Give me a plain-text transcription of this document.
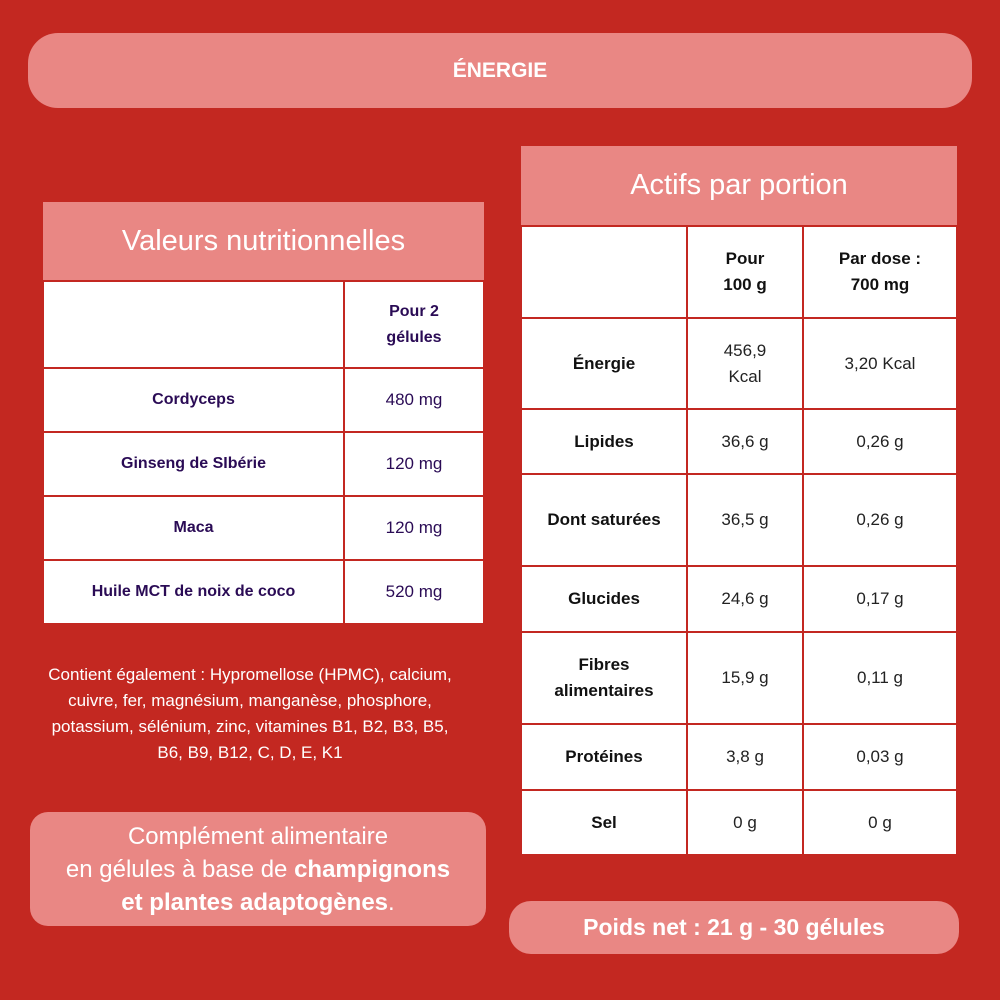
ÉNERGIE
Valeurs nutritionnelles
	Pour 2 gélules
Cordyceps	480 mg
Ginseng de SIbérie	120 mg
Maca	120 mg
Huile MCT de noix de coco	520 mg
Contient également : Hypromellose (HPMC), calcium, cuivre, fer, magnésium, manganèse, phosphore, potassium, sélénium, zinc, vitamines B1, B2, B3, B5, B6, B9, B12, C, D, E, K1
Complément alimentaire
en gélules à base de champignons
et plantes adaptogènes.
Actifs par portion
	Pour 100 g	Par dose : 700 mg
Énergie	456,9 Kcal	3,20 Kcal
Lipides	36,6 g	0,26 g
Dont saturées	36,5 g	0,26 g
Glucides	24,6 g	0,17 g
Fibres alimentaires	15,9 g	0,11 g
Protéines	3,8 g	0,03 g
Sel	0 g	0 g
Poids net : 21 g - 30 gélules
